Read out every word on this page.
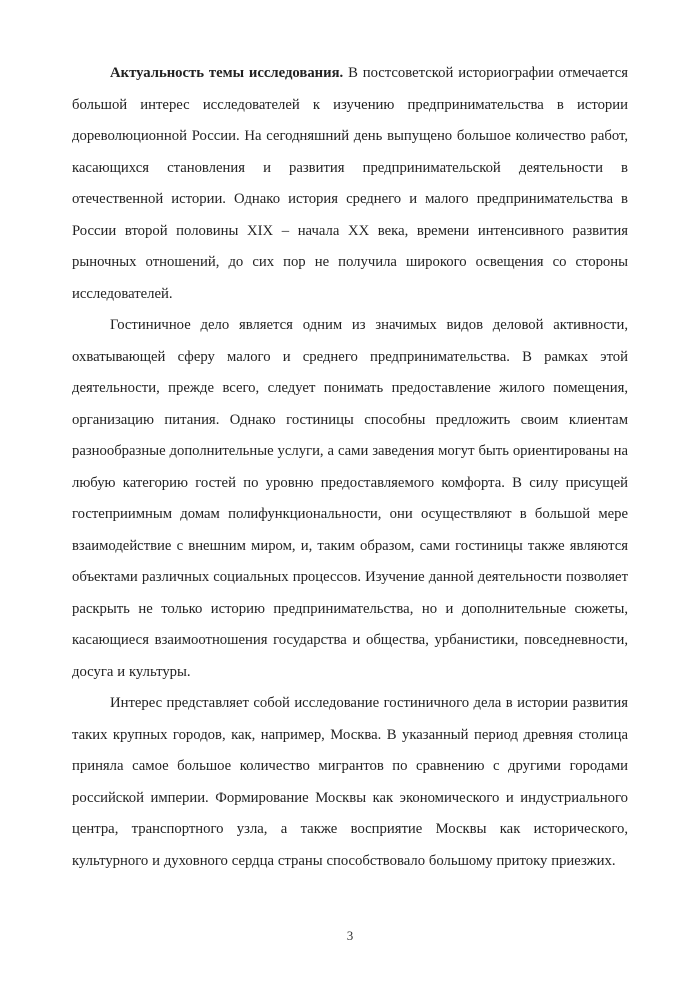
Актуальность темы исследования. В постсоветской историографии отмечается большой интерес исследователей к изучению предпринимательства в истории дореволюционной России. На сегодняшний день выпущено большое количество работ, касающихся становления и развития предпринимательской деятельности в отечественной истории. Однако история среднего и малого предпринимательства в России второй половины XIX – начала XX века, времени интенсивного развития рыночных отношений, до сих пор не получила широкого освещения со стороны исследователей.

Гостиничное дело является одним из значимых видов деловой активности, охватывающей сферу малого и среднего предпринимательства. В рамках этой деятельности, прежде всего, следует понимать предоставление жилого помещения, организацию питания. Однако гостиницы способны предложить своим клиентам разнообразные дополнительные услуги, а сами заведения могут быть ориентированы на любую категорию гостей по уровню предоставляемого комфорта. В силу присущей гостеприимным домам полифункциональности, они осуществляют в большой мере взаимодействие с внешним миром, и, таким образом, сами гостиницы также являются объектами различных социальных процессов. Изучение данной деятельности позволяет раскрыть не только историю предпринимательства, но и дополнительные сюжеты, касающиеся взаимоотношения государства и общества, урбанистики, повседневности, досуга и культуры.

Интерес представляет собой исследование гостиничного дела в истории развития таких крупных городов, как, например, Москва. В указанный период древняя столица приняла самое большое количество мигрантов по сравнению с другими городами российской империи. Формирование Москвы как экономического и индустриального центра, транспортного узла, а также восприятие Москвы как исторического, культурного и духовного сердца страны способствовало большому притоку приезжих.

3
